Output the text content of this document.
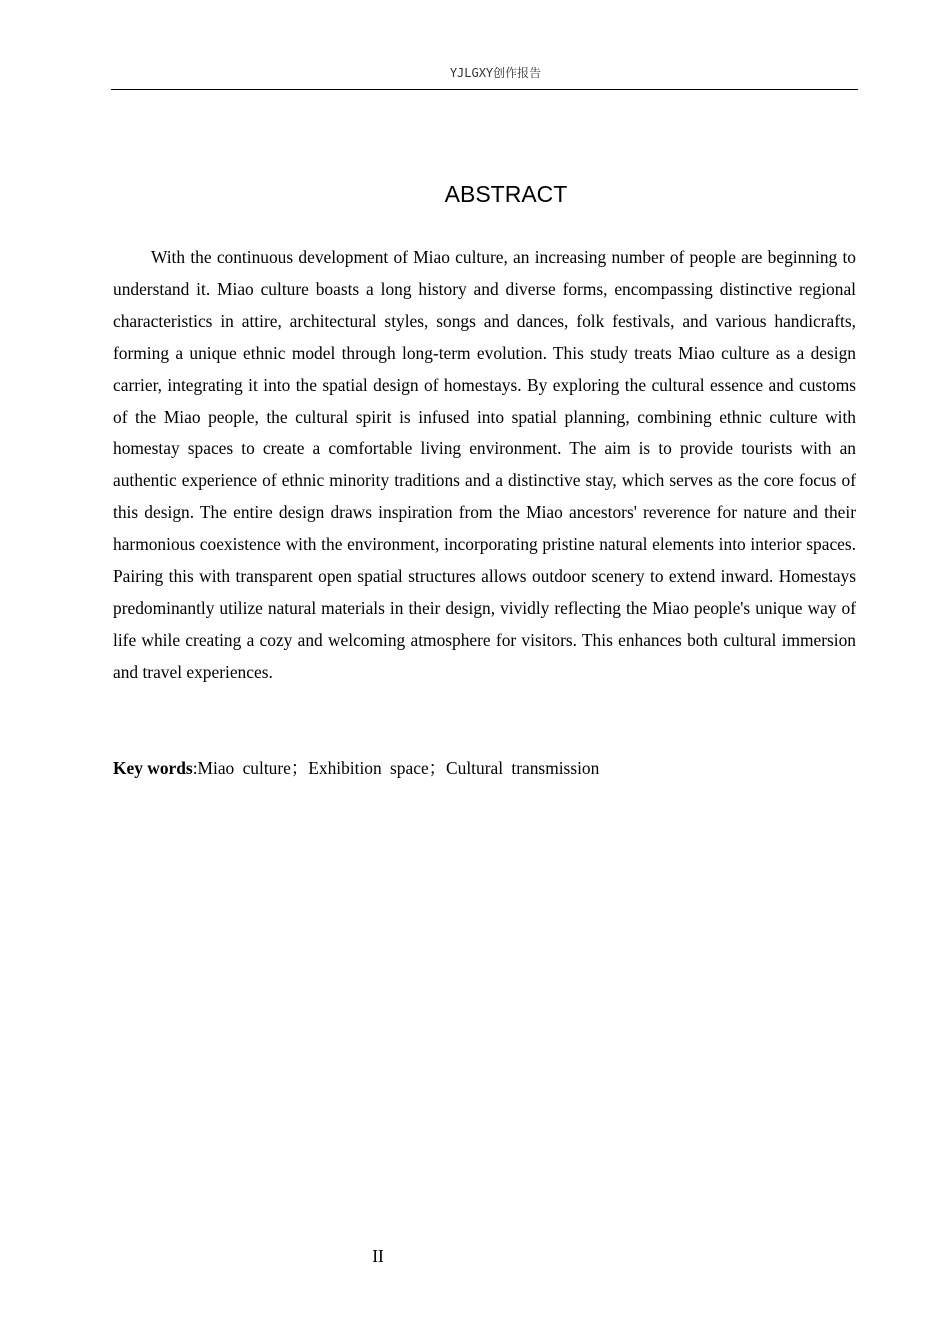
YJLGXY创作报告
ABSTRACT

With the continuous development of Miao culture, an increasing number of people are beginning to understand it. Miao culture boasts a long history and diverse forms, encompassing distinctive regional characteristics in attire, architectural styles, songs and dances, folk festivals, and various handicrafts, forming a unique ethnic model through long-term evolution. This study treats Miao culture as a design carrier, integrating it into the spatial design of homestays. By exploring the cultural essence and customs of the Miao people, the cultural spirit is infused into spatial planning, combining ethnic culture with homestay spaces to create a comfortable living environment. The aim is to provide tourists with an authentic experience of ethnic minority traditions and a distinctive stay, which serves as the core focus of this design. The entire design draws inspiration from the Miao ancestors' reverence for nature and their harmonious coexistence with the environment, incorporating pristine natural elements into interior spaces. Pairing this with transparent open spatial structures allows outdoor scenery to extend inward. Homestays predominantly utilize natural materials in their design, vividly reflecting the Miao people's unique way of life while creating a cozy and welcoming atmosphere for visitors. This enhances both cultural immersion and travel experiences.

Key words:Miao culture；Exhibition space；Cultural transmission

II
